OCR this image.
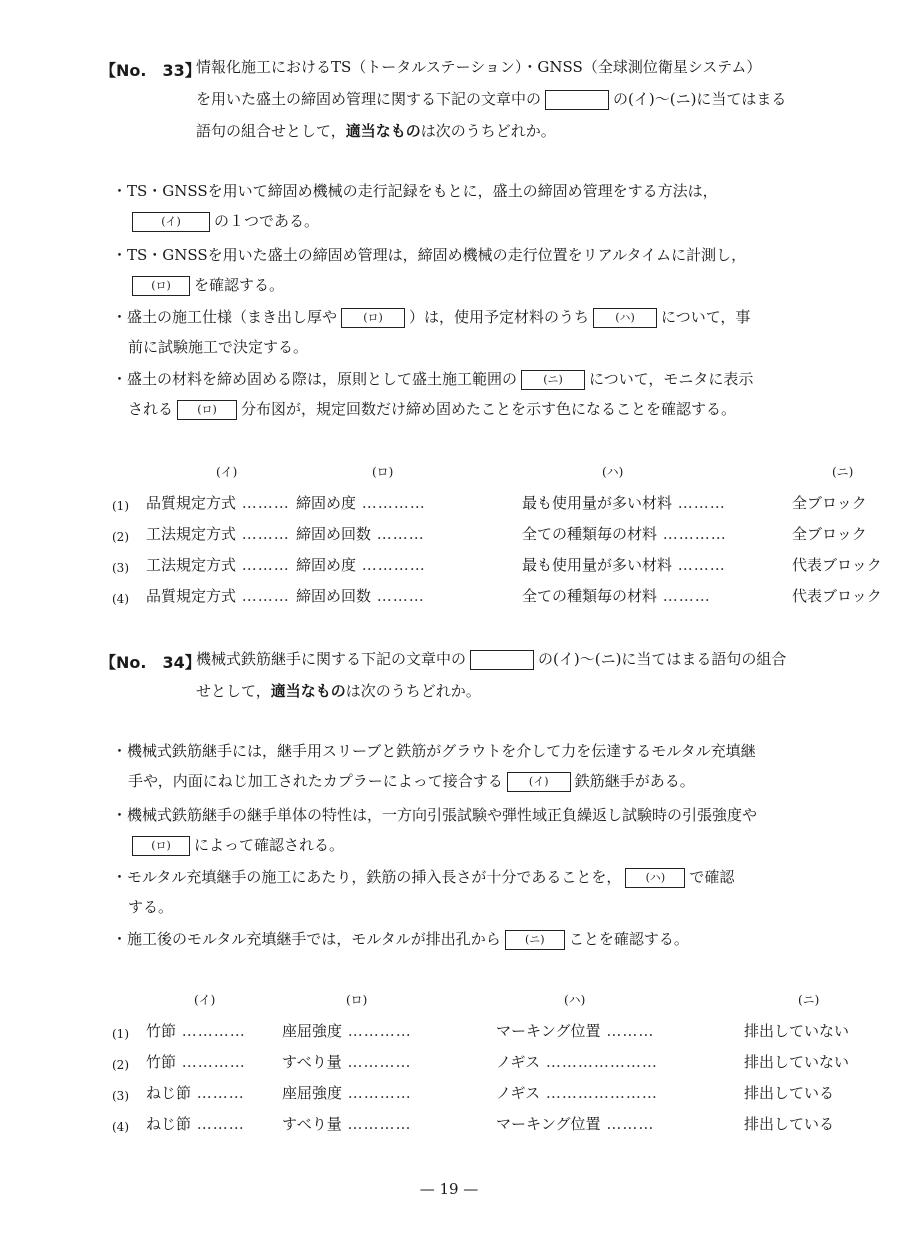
【No.　33】
情報化施工におけるTS（トータルステーション）・GNSS（全球測位衛星システム）
を用いた盛土の締固め管理に関する下記の文章中の	の(イ)～(ニ)に当てはまる
語句の組合せとして，適当なものは次のうちどれか。
・TS・GNSSを用いて締固め機械の走行記録をもとに，盛土の締固め管理をする方法は，
(イ) の１つである。
・TS・GNSSを用いた盛土の締固め管理は，締固め機械の走行位置をリアルタイムに計測し，
(ロ) を確認する。
・盛土の施工仕様（まき出し厚や (ロ) ）は，使用予定材料のうち (ハ) について，事
前に試験施工で決定する。
・盛土の材料を締め固める際は，原則として盛土施工範囲の (ニ) について，モニタに表示
される (ロ) 分布図が，規定回数だけ締め固めたことを示す色になることを確認する。
	(イ)	(ロ)	(ハ)	(ニ)
(1)	品質規定方式 ………	締固め度 …………	最も使用量が多い材料 ………	全ブロック
(2)	工法規定方式 ………	締固め回数 ………	全ての種類毎の材料 …………	全ブロック
(3)	工法規定方式 ………	締固め度 …………	最も使用量が多い材料 ………	代表ブロック
(4)	品質規定方式 ………	締固め回数 ………	全ての種類毎の材料 ………	代表ブロック
【No.　34】
機械式鉄筋継手に関する下記の文章中の	の(イ)～(ニ)に当てはまる語句の組合
せとして，適当なものは次のうちどれか。
・機械式鉄筋継手には，継手用スリーブと鉄筋がグラウトを介して力を伝達するモルタル充填継
手や，内面にねじ加工されたカプラーによって接合する (イ) 鉄筋継手がある。
・機械式鉄筋継手の継手単体の特性は，一方向引張試験や弾性域正負繰返し試験時の引張強度や
(ロ) によって確認される。
・モルタル充填継手の施工にあたり，鉄筋の挿入長さが十分であることを， (ハ) で確認
する。
・施工後のモルタル充填継手では，モルタルが排出孔から (ニ) ことを確認する。
	(イ)	(ロ)	(ハ)	(ニ)
(1)	竹節 …………	座屈強度 …………	マーキング位置 ………	排出していない
(2)	竹節 …………	すべり量 …………	ノギス …………………	排出していない
(3)	ねじ節 ………	座屈強度 …………	ノギス …………………	排出している
(4)	ねじ節 ………	すべり量 …………	マーキング位置 ………	排出している
— 19 —
